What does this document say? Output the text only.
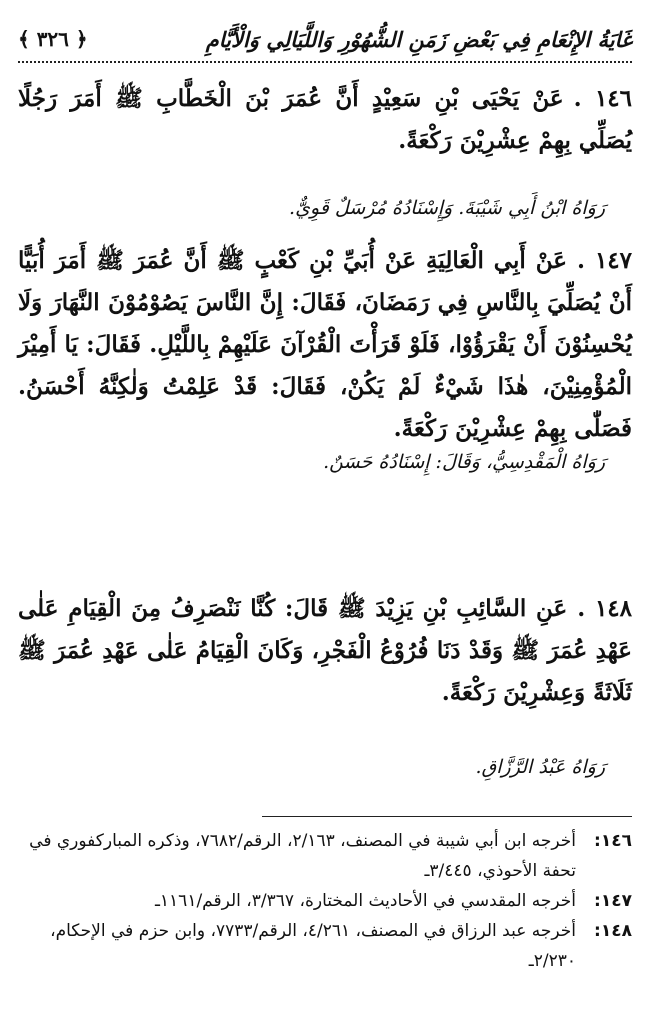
غَايَةُ الإِنْعَامِ فِي بَعْضِ زَمَنِ الشُّهُوْرِ وَاللَّيَالِي وَالْأَيَّامِ
﴿ ٣٢٦ ﴾
١٤٦ .عَنْ يَحْيَى بْنِ سَعِيْدٍ أَنَّ عُمَرَ بْنَ الْخَطَّابِ ﷺ أَمَرَ رَجُلًا يُصَلِّي بِهِمْ عِشْرِيْنَ رَكْعَةً.
رَوَاهُ ابْنُ أَبِي شَيْبَةَ. وَإِسْنَادُهُ مُرْسَلٌ قَوِيٌّ.
١٤٧ .عَنْ أَبِي الْعَالِيَةِ عَنْ أُبَيِّ بْنِ كَعْبٍ ﷺ أَنَّ عُمَرَ ﷺ أَمَرَ أُبَيًّا أَنْ يُصَلِّيَ بِالنَّاسِ فِي رَمَضَانَ، فَقَالَ: إِنَّ النَّاسَ يَصُوْمُوْنَ النَّهَارَ وَلَا يُحْسِنُوْنَ أَنْ يَقْرَؤُوْا، فَلَوْ قَرَأْتَ الْقُرْآنَ عَلَيْهِمْ بِاللَّيْلِ. فَقَالَ: يَا أَمِيْرَ الْمُؤْمِنِيْنَ، هٰذَا شَيْءٌ لَمْ يَكُنْ، فَقَالَ: قَدْ عَلِمْتُ وَلٰكِنَّهُ أَحْسَنُ. فَصَلّٰى بِهِمْ عِشْرِيْنَ رَكْعَةً.
رَوَاهُ الْمَقْدِسِيُّ، وَقَالَ: إِسْنَادُهُ حَسَنٌ.
١٤٨ .عَنِ السَّائِبِ بْنِ يَزِيْدَ ﷺ قَالَ: كُنَّا نَنْصَرِفُ مِنَ الْقِيَامِ عَلٰى عَهْدِ عُمَرَ ﷺ وَقَدْ دَنَا فُرُوْعُ الْفَجْرِ، وَكَانَ الْقِيَامُ عَلٰى عَهْدِ عُمَرَ ﷺ ثَلَاثَةً وَعِشْرِيْنَ رَكْعَةً.
رَوَاهُ عَبْدُ الرَّزَّاقِ.
١٤٦:
أخرجه ابن أبي شيبة في المصنف، ٢/١٦٣، الرقم/٧٦٨٢، وذكره المباركفوري في تحفة الأحوذي، ٣/٤٤٥ـ
١٤٧:
أخرجه المقدسي في الأحاديث المختارة، ٣/٣٦٧، الرقم/١١٦١ـ
١٤٨:
أخرجه عبد الرزاق في المصنف، ٤/٢٦١، الرقم/٧٧٣٣، وابن حزم في الإحكام، ٢/٢٣٠ـ
